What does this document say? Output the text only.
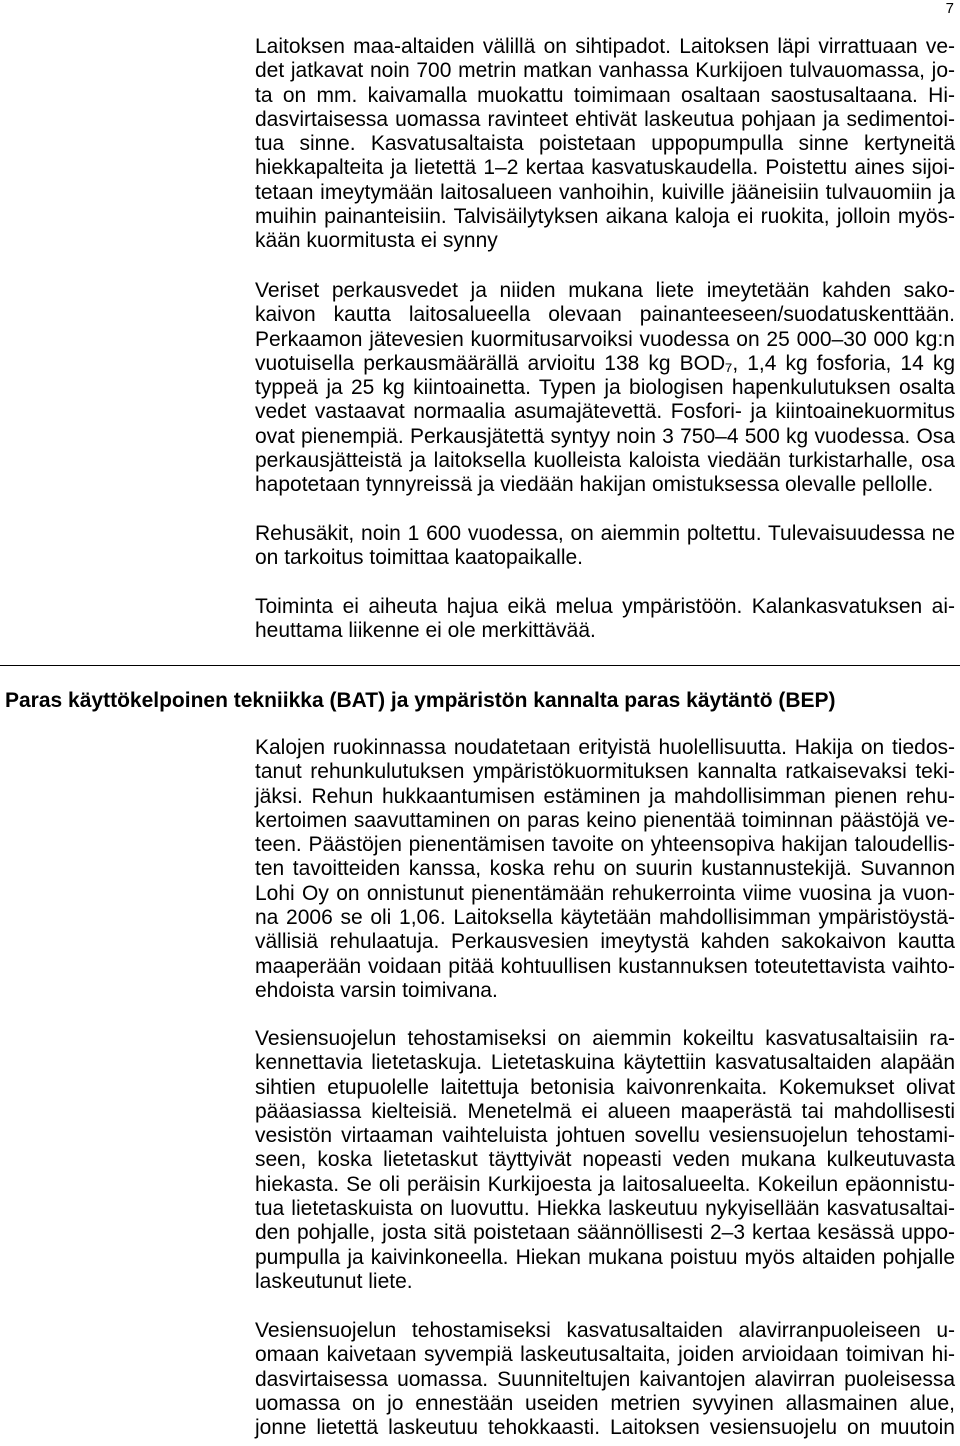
7
Laitoksen maa-altaiden välillä on sihtipadot. Laitoksen läpi virrattuaan ve-
det jatkavat noin 700 metrin matkan vanhassa Kurkijoen tulvauomassa, jo-
ta on mm. kaivamalla muokattu toimimaan osaltaan saostusaltaana. Hi-
dasvirtaisessa uomassa ravinteet ehtivät laskeutua pohjaan ja sedimentoi-
tua sinne. Kasvatusaltaista poistetaan uppopumpulla sinne kertyneitä
hiekkapalteita ja lietettä 1–2 kertaa kasvatuskaudella. Poistettu aines sijoi-
tetaan imeytymään laitosalueen vanhoihin, kuiville jääneisiin tulvauomiin ja
muihin painanteisiin. Talvisäilytyksen aikana kaloja ei ruokita, jolloin myös-
kään kuormitusta ei synny
Veriset perkausvedet ja niiden mukana liete imeytetään kahden sako-
kaivon kautta laitosalueella olevaan painanteeseen/suodatuskenttään.
Perkaamon jätevesien kuormitusarvoiksi vuodessa on 25 000–30 000 kg:n
vuotuisella perkausmäärällä arvioitu 138 kg BOD₇, 1,4 kg fosforia, 14 kg
typpeä ja 25 kg kiintoainetta. Typen ja biologisen hapenkulutuksen osalta
vedet vastaavat normaalia asumajätevettä. Fosfori- ja kiintoainekuormitus
ovat pienempiä. Perkausjätettä syntyy noin 3 750–4 500 kg vuodessa. Osa
perkausjätteistä ja laitoksella kuolleista kaloista viedään turkistarhalle, osa
hapotetaan tynnyreissä ja viedään hakijan omistuksessa olevalle pellolle.
Rehusäkit, noin 1 600 vuodessa, on aiemmin poltettu. Tulevaisuudessa ne
on tarkoitus toimittaa kaatopaikalle.
Toiminta ei aiheuta hajua eikä melua ympäristöön. Kalankasvatuksen ai-
heuttama liikenne ei ole merkittävää.
Paras käyttökelpoinen tekniikka (BAT) ja ympäristön kannalta paras käytäntö (BEP)
Kalojen ruokinnassa noudatetaan erityistä huolellisuutta. Hakija on tiedos-
tanut rehunkulutuksen ympäristökuormituksen kannalta ratkaisevaksi teki-
jäksi. Rehun hukkaantumisen estäminen ja mahdollisimman pienen rehu-
kertoimen saavuttaminen on paras keino pienentää toiminnan päästöjä ve-
teen. Päästöjen pienentämisen tavoite on yhteensopiva hakijan taloudellis-
ten tavoitteiden kanssa, koska rehu on suurin kustannustekijä. Suvannon
Lohi Oy on onnistunut pienentämään rehukerrointa viime vuosina ja vuon-
na 2006 se oli 1,06. Laitoksella käytetään mahdollisimman ympäristöystä-
vällisiä rehulaatuja. Perkausvesien imeytystä kahden sakokaivon kautta
maaperään voidaan pitää kohtuullisen kustannuksen toteutettavista vaihto-
ehdoista varsin toimivana.
Vesiensuojelun tehostamiseksi on aiemmin kokeiltu kasvatusaltaisiin ra-
kennettavia lietetaskuja. Lietetaskuina käytettiin kasvatusaltaiden alapään
sihtien etupuolelle laitettuja betonisia kaivonrenkaita. Kokemukset olivat
pääasiassa kielteisiä. Menetelmä ei alueen maaperästä tai mahdollisesti
vesistön virtaaman vaihteluista johtuen sovellu vesiensuojelun tehostami-
seen, koska lietetaskut täyttyivät nopeasti veden mukana kulkeutuvasta
hiekasta. Se oli peräisin Kurkijoesta ja laitosalueelta. Kokeilun epäonnistu-
tua lietetaskuista on luovuttu. Hiekka laskeutuu nykyisellään kasvatusaltai-
den pohjalle, josta sitä poistetaan säännöllisesti 2–3 kertaa kesässä uppo-
pumpulla ja kaivinkoneella. Hiekan mukana poistuu myös altaiden pohjalle
laskeutunut liete.
Vesiensuojelun tehostamiseksi kasvatusaltaiden alavirranpuoleiseen u-
omaan kaivetaan syvempiä laskeutusaltaita, joiden arvioidaan toimivan hi-
dasvirtaisessa uomassa. Suunniteltujen kaivantojen alavirran puoleisessa
uomassa on jo ennestään useiden metrien syvyinen allasmainen alue,
jonne lietettä laskeutuu tehokkaasti. Laitoksen vesiensuojelu on muutoin
